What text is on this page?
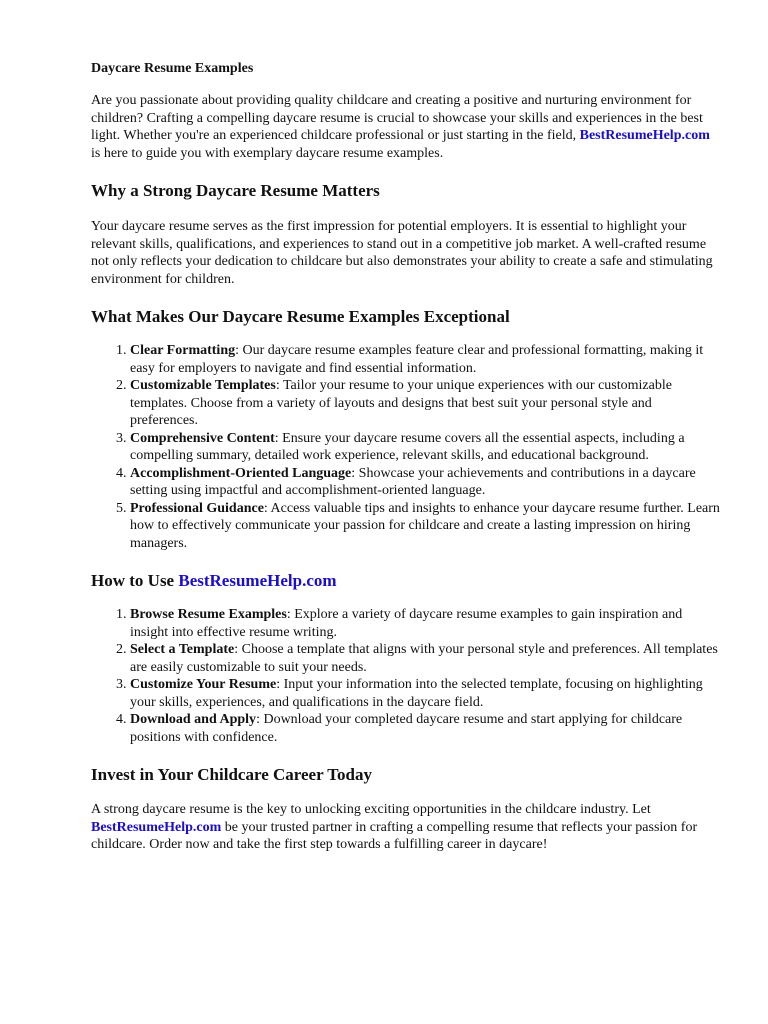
Daycare Resume Examples

Are you passionate about providing quality childcare and creating a positive and nurturing environment for children? Crafting a compelling daycare resume is crucial to showcase your skills and experiences in the best light. Whether you're an experienced childcare professional or just starting in the field, BestResumeHelp.com is here to guide you with exemplary daycare resume examples.

Why a Strong Daycare Resume Matters

Your daycare resume serves as the first impression for potential employers. It is essential to highlight your relevant skills, qualifications, and experiences to stand out in a competitive job market. A well-crafted resume not only reflects your dedication to childcare but also demonstrates your ability to create a safe and stimulating environment for children.

What Makes Our Daycare Resume Examples Exceptional
1. Clear Formatting: Our daycare resume examples feature clear and professional formatting, making it easy for employers to navigate and find essential information.
2. Customizable Templates: Tailor your resume to your unique experiences with our customizable templates. Choose from a variety of layouts and designs that best suit your personal style and preferences.
3. Comprehensive Content: Ensure your daycare resume covers all the essential aspects, including a compelling summary, detailed work experience, relevant skills, and educational background.
4. Accomplishment-Oriented Language: Showcase your achievements and contributions in a daycare setting using impactful and accomplishment-oriented language.
5. Professional Guidance: Access valuable tips and insights to enhance your daycare resume further. Learn how to effectively communicate your passion for childcare and create a lasting impression on hiring managers.
How to Use BestResumeHelp.com
1. Browse Resume Examples: Explore a variety of daycare resume examples to gain inspiration and insight into effective resume writing.
2. Select a Template: Choose a template that aligns with your personal style and preferences. All templates are easily customizable to suit your needs.
3. Customize Your Resume: Input your information into the selected template, focusing on highlighting your skills, experiences, and qualifications in the daycare field.
4. Download and Apply: Download your completed daycare resume and start applying for childcare positions with confidence.
Invest in Your Childcare Career Today

A strong daycare resume is the key to unlocking exciting opportunities in the childcare industry. Let BestResumeHelp.com be your trusted partner in crafting a compelling resume that reflects your passion for childcare. Order now and take the first step towards a fulfilling career in daycare!
